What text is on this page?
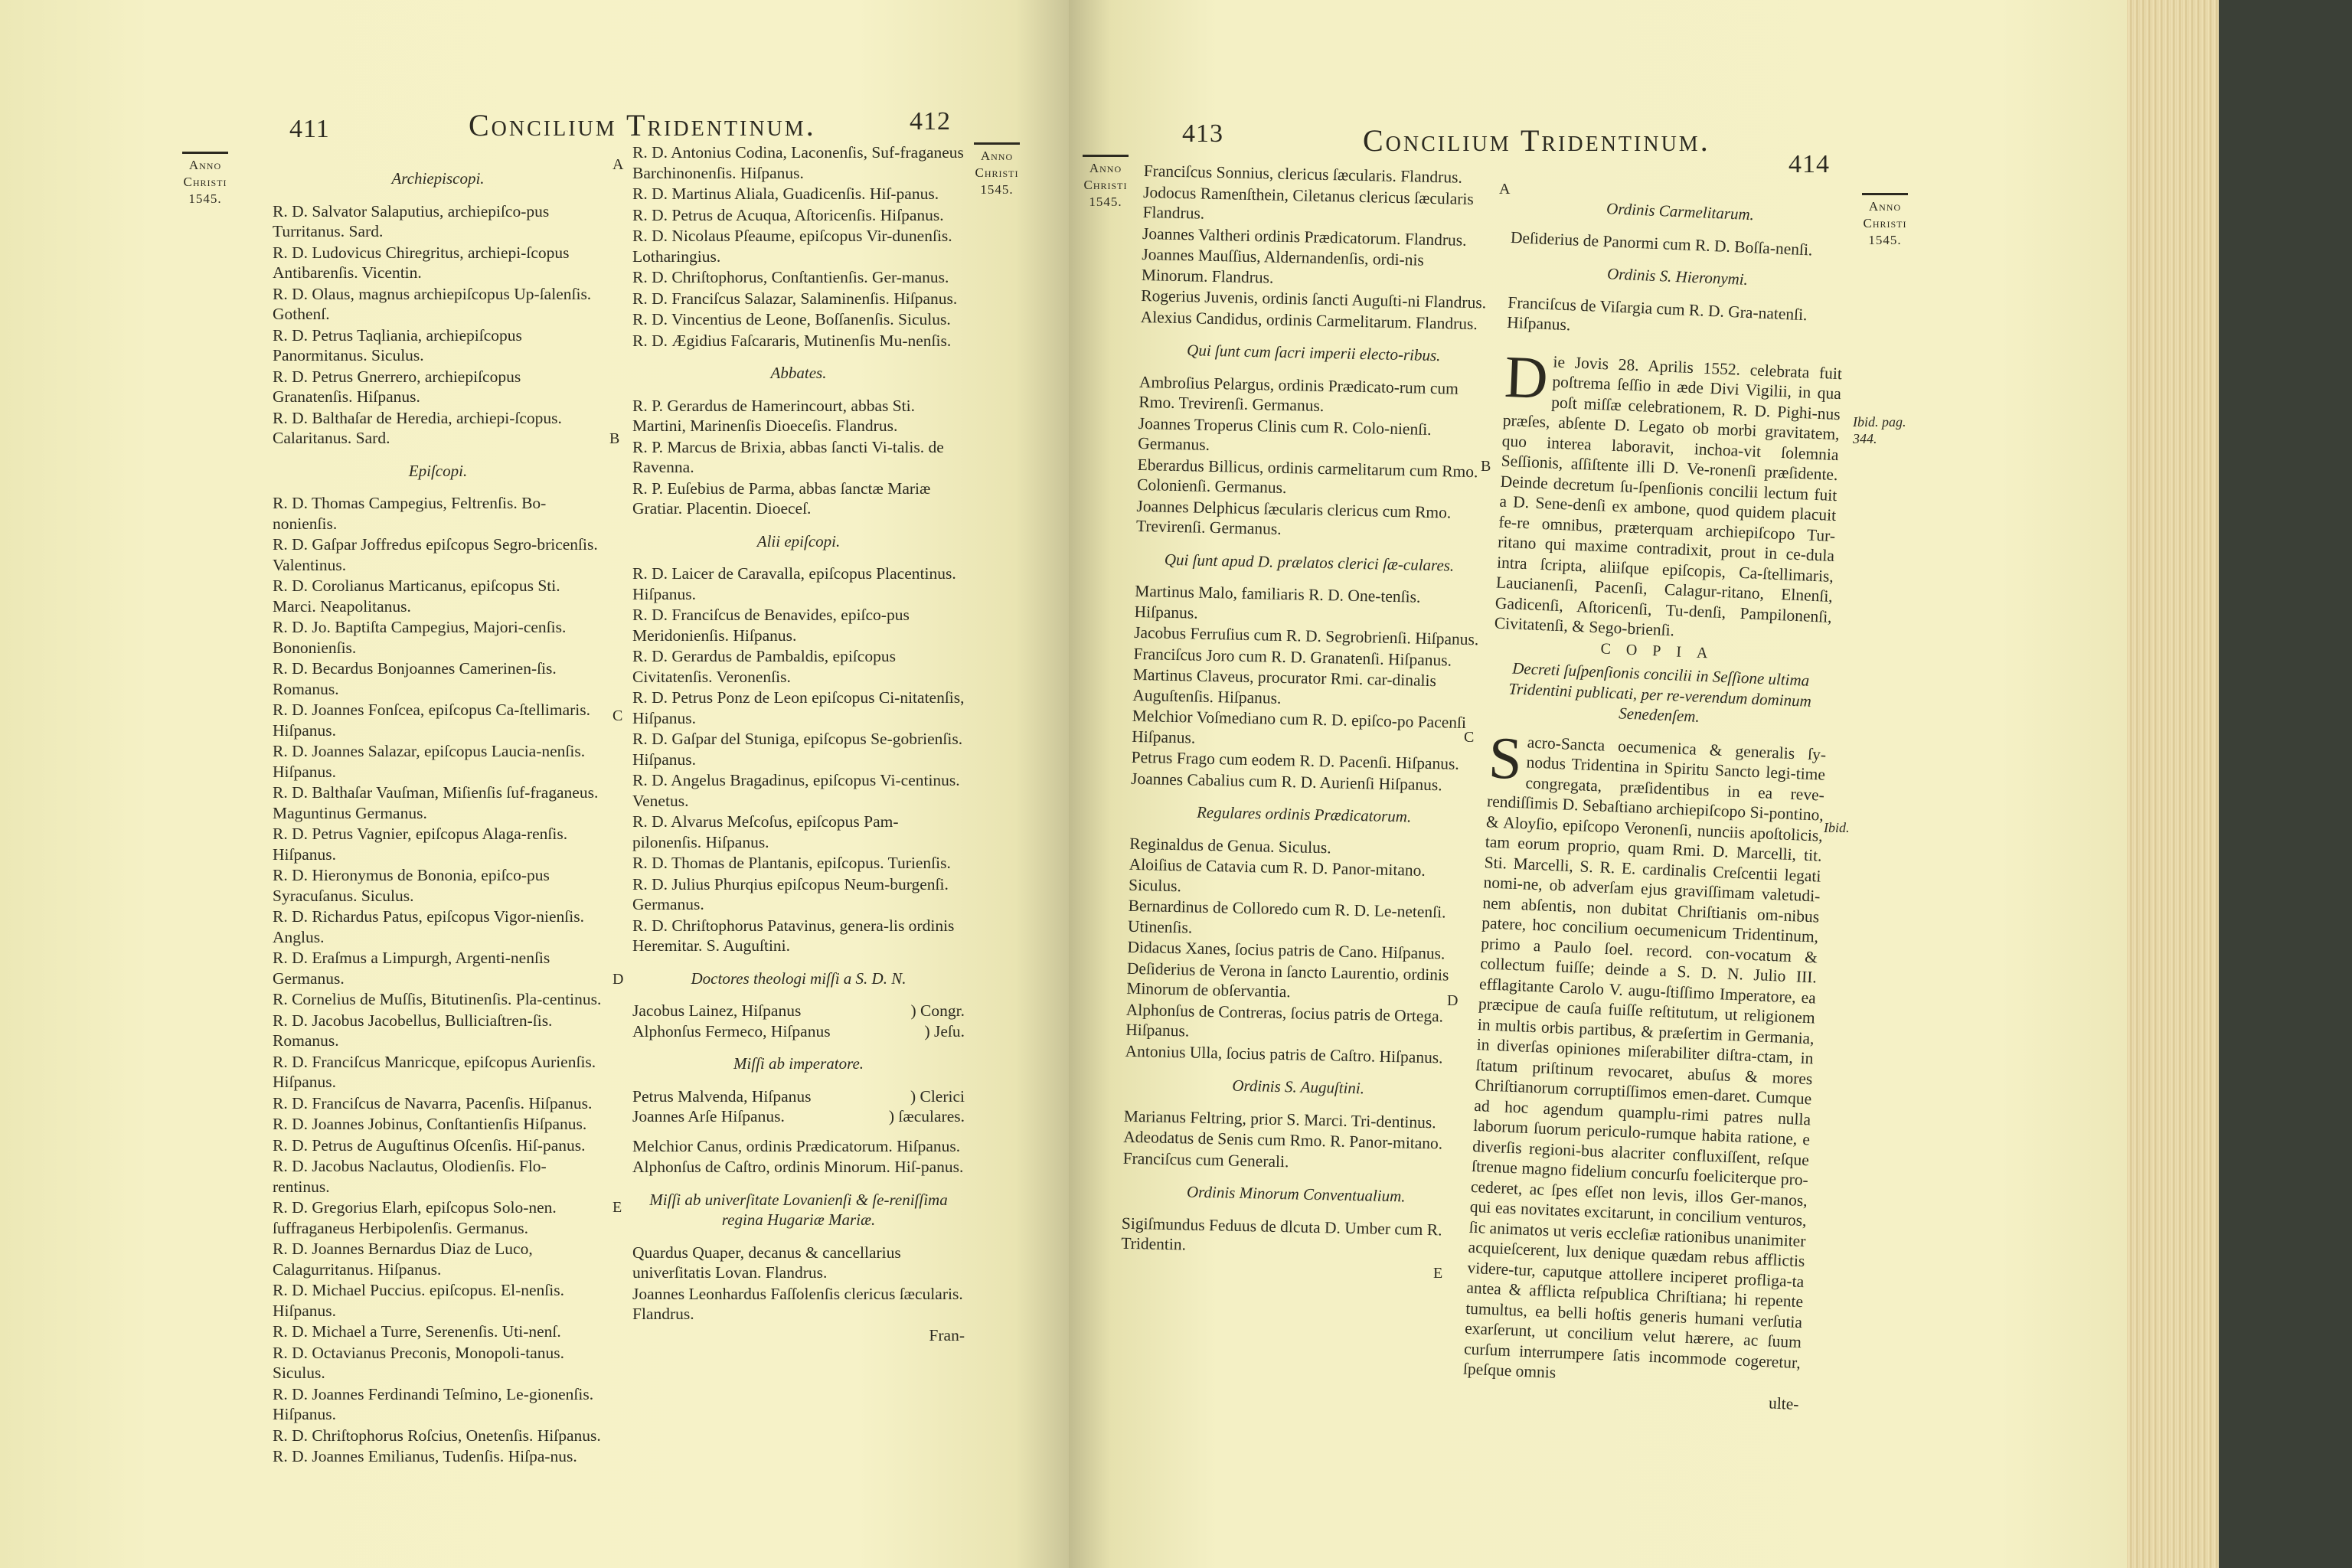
411	Concilium Tridentinum.	412
Anno
Christi
1545.
Anno
Christi
1545.
A
B
C
D
E

Archiepiscopi.

R. D. Salvator Salaputius, archiepiſco-pus Turritanus. Sard.

R. D. Ludovicus Chiregritus, archiepi-ſcopus Antibarenſis. Vicentin.

R. D. Olaus, magnus archiepiſcopus Up-ſalenſis. Gothenſ.

R. D. Petrus Taqliania, archiepiſcopus Panormitanus. Siculus.

R. D. Petrus Gnerrero, archiepiſcopus Granatenſis. Hiſpanus.

R. D. Balthaſar de Heredia, archiepi-ſcopus. Calaritanus. Sard.

Epiſcopi.

R. D. Thomas Campegius, Feltrenſis. Bo-nonienſis.

R. D. Gaſpar Joffredus epiſcopus Segro-bricenſis. Valentinus.

R. D. Corolianus Marticanus, epiſcopus Sti. Marci. Neapolitanus.

R. D. Jo. Baptiſta Campegius, Majori-cenſis. Bononienſis.

R. D. Becardus Bonjoannes Camerinen-ſis. Romanus.

R. D. Joannes Fonſcea, epiſcopus Ca-ſtellimaris. Hiſpanus.

R. D. Joannes Salazar, epiſcopus Laucia-nenſis. Hiſpanus.

R. D. Balthaſar Vauſman, Miſienſis ſuf-fraganeus. Maguntinus Germanus.

R. D. Petrus Vagnier, epiſcopus Alaga-renſis. Hiſpanus.

R. D. Hieronymus de Bononia, epiſco-pus Syracuſanus. Siculus.

R. D. Richardus Patus, epiſcopus Vigor-nienſis. Anglus.

R. D. Eraſmus a Limpurgh, Argenti-nenſis Germanus.

R. Cornelius de Muſſis, Bitutinenſis. Pla-centinus.

R. D. Jacobus Jacobellus, Bulliciaſtren-ſis. Romanus.

R. D. Franciſcus Manricque, epiſcopus Aurienſis. Hiſpanus.

R. D. Franciſcus de Navarra, Pacenſis. Hiſpanus.

R. D. Joannes Jobinus, Conſtantienſis Hiſpanus.

R. D. Petrus de Auguſtinus Oſcenſis. Hiſ-panus.

R. D. Jacobus Naclautus, Olodienſis. Flo-rentinus.

R. D. Gregorius Elarh, epiſcopus Solo-nen. ſuffraganeus Herbipolenſis. Germanus.

R. D. Joannes Bernardus Diaz de Luco, Calagurritanus. Hiſpanus.

R. D. Michael Puccius. epiſcopus. El-nenſis. Hiſpanus.

R. D. Michael a Turre, Serenenſis. Uti-nenſ.

R. D. Octavianus Preconis, Monopoli-tanus. Siculus.

R. D. Joannes Ferdinandi Teſmino, Le-gionenſis. Hiſpanus.

R. D. Chriſtophorus Roſcius, Onetenſis. Hiſpanus.

R. D. Joannes Emilianus, Tudenſis. Hiſpa-nus.

R. D. Antonius Codina, Laconenſis, Suf-fraganeus Barchinonenſis. Hiſpanus.

R. D. Martinus Aliala, Guadicenſis. Hiſ-panus.

R. D. Petrus de Acuqua, Aſtoricenſis. Hiſpanus.

R. D. Nicolaus Pſeaume, epiſcopus Vir-dunenſis. Lotharingius.

R. D. Chriſtophorus, Conſtantienſis. Ger-manus.

R. D. Franciſcus Salazar, Salaminenſis. Hiſpanus.

R. D. Vincentius de Leone, Boſſanenſis. Siculus.

R. D. Ægidius Faſcararis, Mutinenſis Mu-nenſis.

Abbates.

R. P. Gerardus de Hamerincourt, abbas Sti. Martini, Marinenſis Dioeceſis. Flandrus.

R. P. Marcus de Brixia, abbas ſancti Vi-talis. de Ravenna.

R. P. Euſebius de Parma, abbas ſanctæ Mariæ Gratiar. Placentin. Dioeceſ.

Alii epiſcopi.

R. D. Laicer de Caravalla, epiſcopus Placentinus. Hiſpanus.

R. D. Franciſcus de Benavides, epiſco-pus Meridonienſis. Hiſpanus.

R. D. Gerardus de Pambaldis, epiſcopus Civitatenſis. Veronenſis.

R. D. Petrus Ponz de Leon epiſcopus Ci-nitatenſis, Hiſpanus.

R. D. Gaſpar del Stuniga, epiſcopus Se-gobrienſis. Hiſpanus.

R. D. Angelus Bragadinus, epiſcopus Vi-centinus. Venetus.

R. D. Alvarus Meſcoſus, epiſcopus Pam-pilonenſis. Hiſpanus.

R. D. Thomas de Plantanis, epiſcopus. Turienſis.

R. D. Julius Phurqius epiſcopus Neum-burgenſi. Germanus.

R. D. Chriſtophorus Patavinus, genera-lis ordinis Heremitar. S. Auguſtini.

Doctores theologi miſſi a S. D. N.

Jacobus Lainez, Hiſpanus	) Congr.
Alphonſus Fermeco, Hiſpanus	) Jeſu.

Miſſi ab imperatore.

Petrus Malvenda, Hiſpanus	) Clerici
Joannes Arſe Hiſpanus.	) ſæculares.

Melchior Canus, ordinis Prædicatorum. Hiſpanus.

Alphonſus de Caſtro, ordinis Minorum. Hiſ-panus.

Miſſi ab univerſitate Lovanienſi & ſe-reniſſima regina Hugariæ Mariæ.

Quardus Quaper, decanus & cancellarius univerſitatis Lovan. Flandrus.

Joannes Leonhardus Faſſolenſis clericus ſæcularis. Flandrus.

Fran-

413	Concilium Tridentinum.
414
Anno
Christi
1545.	Anno
Christi
1545.
A
B
C
D
E
Ibid. pag. 344.
Ibid.

Franciſcus Sonnius, clericus ſæcularis. Flandrus.

Jodocus Ramenſthein, Ciletanus clericus ſæcularis Flandrus.

Joannes Valtheri ordinis Prædicatorum. Flandrus.

Joannes Mauſſius, Aldernandenſis, ordi-nis Minorum. Flandrus.

Rogerius Juvenis, ordinis ſancti Auguſti-ni Flandrus.

Alexius Candidus, ordinis Carmelitarum. Flandrus.

Qui ſunt cum ſacri imperii electo-ribus.

Ambroſius Pelargus, ordinis Prædicato-rum cum Rmo. Trevirenſi. Germanus.

Joannes Troperus Clinis cum R. Colo-nienſi. Germanus.

Eberardus Billicus, ordinis carmelitarum cum Rmo. Colonienſi. Germanus.

Joannes Delphicus ſæcularis clericus cum Rmo. Trevirenſi. Germanus.

Qui ſunt apud D. prælatos clerici ſæ-culares.

Martinus Malo, familiaris R. D. One-tenſis. Hiſpanus.

Jacobus Ferruſius cum R. D. Segrobrienſi. Hiſpanus.

Franciſcus Joro cum R. D. Granatenſi. Hiſpanus.

Martinus Claveus, procurator Rmi. car-dinalis Auguſtenſis. Hiſpanus.

Melchior Voſmediano cum R. D. epiſco-po Pacenſi Hiſpanus.

Petrus Frago cum eodem R. D. Pacenſi. Hiſpanus.

Joannes Cabalius cum R. D. Aurienſi Hiſpanus.

Regulares ordinis Prædicatorum.

Reginaldus de Genua. Siculus.

Aloiſius de Catavia cum R. D. Panor-mitano. Siculus.

Bernardinus de Colloredo cum R. D. Le-netenſi. Utinenſis.

Didacus Xanes, ſocius patris de Cano. Hiſpanus.

Deſiderius de Verona in ſancto Laurentio, ordinis Minorum de obſervantia.

Alphonſus de Contreras, ſocius patris de Ortega. Hiſpanus.

Antonius Ulla, ſocius patris de Caſtro. Hiſpanus.

Ordinis S. Auguſtini.

Marianus Feltring, prior S. Marci. Tri-dentinus.

Adeodatus de Senis cum Rmo. R. Panor-mitano.

Franciſcus cum Generali.

Ordinis Minorum Conventualium.

Sigiſmundus Feduus de dlcuta D. Umber cum R. Tridentin.

Ordinis Carmelitarum.

Deſiderius de Panormi cum R. D. Boſſa-nenſi.

Ordinis S. Hieronymi.

Franciſcus de Viſargia cum R. D. Gra-natenſi. Hiſpanus.

Die Jovis 28. Aprilis 1552. celebrata fuit poſtrema ſeſſio in æde Divi Vigilii, in qua poſt miſſæ celebrationem, R. D. Pighi-nus præſes, abſente D. Legato ob morbi gravitatem, quo interea laboravit, inchoa-vit ſolemnia Seſſionis, aſſiſtente illi D. Ve-ronenſi præſidente. Deinde decretum ſu-ſpenſionis concilii lectum fuit a D. Sene-denſi ex ambone, quod quidem placuit fe-re omnibus, præterquam archiepiſcopo Tur-ritano qui maxime contradixit, prout in ce-dula intra ſcripta, aliiſque epiſcopis, Ca-ſtellimaris, Laucianenſi, Pacenſi, Calagur-ritano, Elnenſi, Gadicenſi, Aſtoricenſi, Tu-denſi, Pampilonenſi, Civitatenſi, & Sego-brienſi.

COPIA

Decreti ſuſpenſionis concilii in Seſſione ultima Tridentini publicati, per re-verendum dominum Senedenſem.

Sacro-Sancta oecumenica & generalis ſy-nodus Tridentina in Spiritu Sancto legi-time congregata, præſidentibus in ea reve-rendiſſimis D. Sebaſtiano archiepiſcopo Si-pontino, & Aloyſio, epiſcopo Veronenſi, nunciis apoſtolicis, tam eorum proprio, quam Rmi. D. Marcelli, tit. Sti. Marcelli, S. R. E. cardinalis Creſcentii legati nomi-ne, ob adverſam ejus graviſſimam valetudi-nem abſentis, non dubitat Chriſtianis om-nibus patere, hoc concilium oecumenicum Tridentinum, primo a Paulo ſoel. record. con-vocatum & collectum fuiſſe; deinde a S. D. N. Julio III. efflagitante Carolo V. augu-ſtiſſimo Imperatore, ea præcipue de cauſa fuiſſe reſtitutum, ut religionem in multis orbis partibus, & præſertim in Germania, in diverſas opiniones miſerabiliter diſtra-ctam, in ſtatum priſtinum revocaret, abuſus & mores Chriſtianorum corruptiſſimos emen-daret. Cumque ad hoc agendum quamplu-rimi patres nulla laborum ſuorum periculo-rumque habita ratione, e diverſis regioni-bus alacriter confluxiſſent, reſque ſtrenue magno fidelium concurſu foeliciterque pro-cederet, ac ſpes eſſet non levis, illos Ger-manos, qui eas novitates excitarunt, in concilium venturos, ſic animatos ut veris eccleſiæ rationibus unanimiter acquieſcerent, lux denique quædam rebus afflictis videre-tur, caputque attollere inciperet profliga-ta antea & afflicta reſpublica Chriſtiana; hi repente tumultus, ea belli hoſtis generis humani verſutia exarſerunt, ut concilium velut hærere, ac ſuum curſum interrumpere ſatis incommode cogeretur, ſpeſque omnis

ulte-
